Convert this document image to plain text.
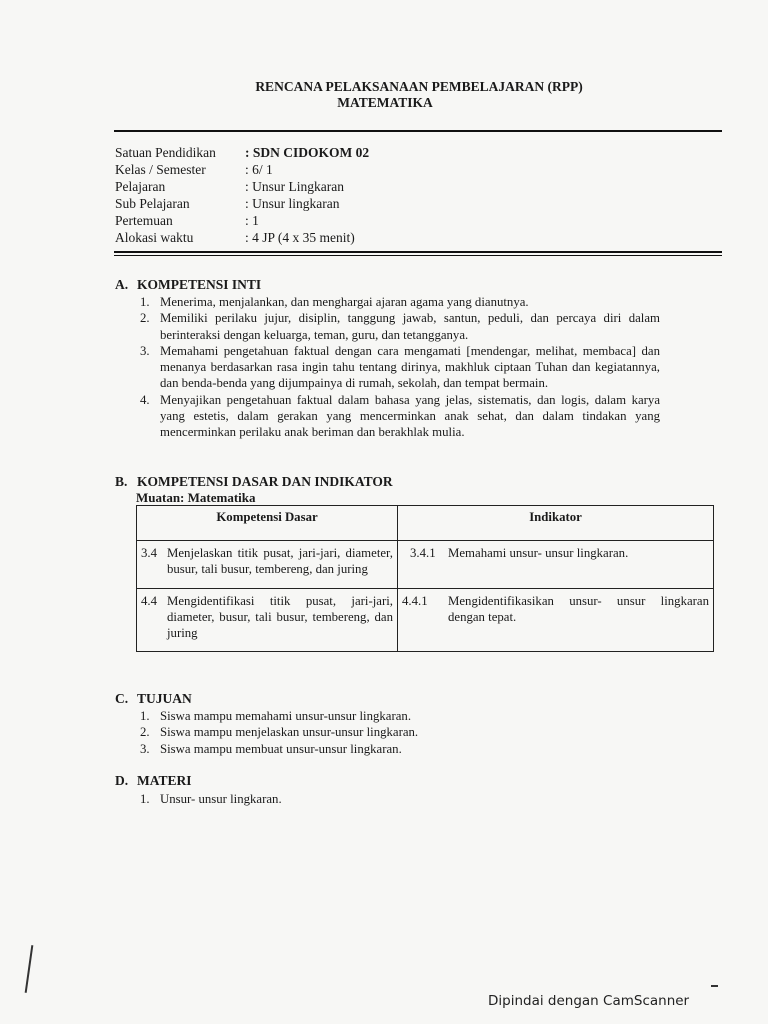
RENCANA PELAKSANAAN PEMBELAJARAN (RPP)
MATEMATIKA
Satuan Pendidikan	: SDN CIDOKOM 02
Kelas / Semester	: 6/ 1
Pelajaran	: Unsur Lingkaran
Sub Pelajaran	: Unsur lingkaran
Pertemuan	: 1
Alokasi waktu	: 4 JP (4 x 35 menit)
A. KOMPETENSI INTI
1. Menerima, menjalankan, dan menghargai ajaran agama yang dianutnya.
2. Memiliki perilaku jujur, disiplin, tanggung jawab, santun, peduli, dan percaya diri dalam berinteraksi dengan keluarga, teman, guru, dan tetangganya.
3. Memahami pengetahuan faktual dengan cara mengamati [mendengar, melihat, membaca] dan menanya berdasarkan rasa ingin tahu tentang dirinya, makhluk ciptaan Tuhan dan kegiatannya, dan benda-benda yang dijumpainya di rumah, sekolah, dan tempat bermain.
4. Menyajikan pengetahuan faktual dalam bahasa yang jelas, sistematis, dan logis, dalam karya yang estetis, dalam gerakan yang mencerminkan anak sehat, dan dalam tindakan yang mencerminkan perilaku anak beriman dan berakhlak mulia.
B. KOMPETENSI DASAR DAN INDIKATOR
Muatan: Matematika
Kompetensi Dasar	Indikator

3.4 Menjelaskan titik pusat, jari-jari, diameter, busur, tali busur, tembereng, dan juring	3.4.1 Memahami unsur- unsur lingkaran.

4.4 Mengidentifikasi titik pusat, jari-jari, diameter, busur, tali busur, tembereng, dan juring	4.4.1 Mengidentifikasikan unsur- unsur lingkaran dengan tepat.
C. TUJUAN
1. Siswa mampu memahami unsur-unsur lingkaran.
2. Siswa mampu menjelaskan unsur-unsur lingkaran.
3. Siswa mampu membuat unsur-unsur lingkaran.
D. MATERI
1. Unsur- unsur lingkaran.
Dipindai dengan CamScanner
